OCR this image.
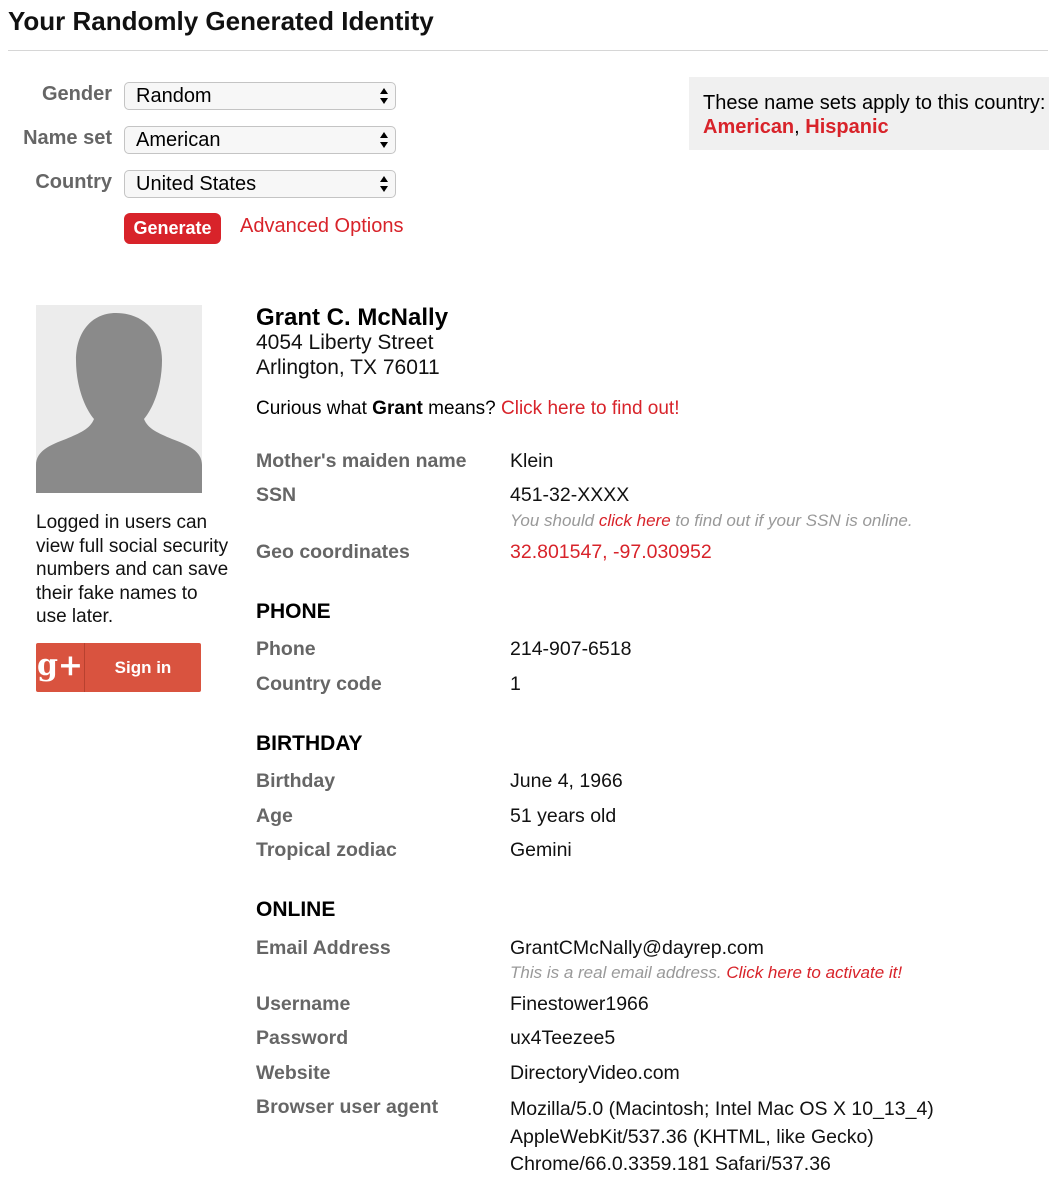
Your Randomly Generated Identity
Gender	Random
Name set	American
Country	United States
Generate	Advanced Options
These name sets apply to this country:
American, Hispanic
Logged in users can view full social security numbers and can save their fake names to use later.
g+	Sign in
Grant C. McNally
4054 Liberty Street
Arlington, TX 76011
Curious what Grant means? Click here to find out!
Mother's maiden name Klein
SSN	451-32-XXXX
You should click here to find out if your SSN is online.
Geo coordinates	32.801547, -97.030952
PHONE
Phone	214-907-6518
Country code	1
BIRTHDAY
Birthday	June 4, 1966
Age	51 years old
Tropical zodiac	Gemini
ONLINE
Email Address	GrantCMcNally@dayrep.com
This is a real email address. Click here to activate it!
Username	Finestower1966
Password	ux4Teezee5
Website	DirectoryVideo.com
Browser user agent	Mozilla/5.0 (Macintosh; Intel Mac OS X 10_13_4) AppleWebKit/537.36 (KHTML, like Gecko) Chrome/66.0.3359.181 Safari/537.36
